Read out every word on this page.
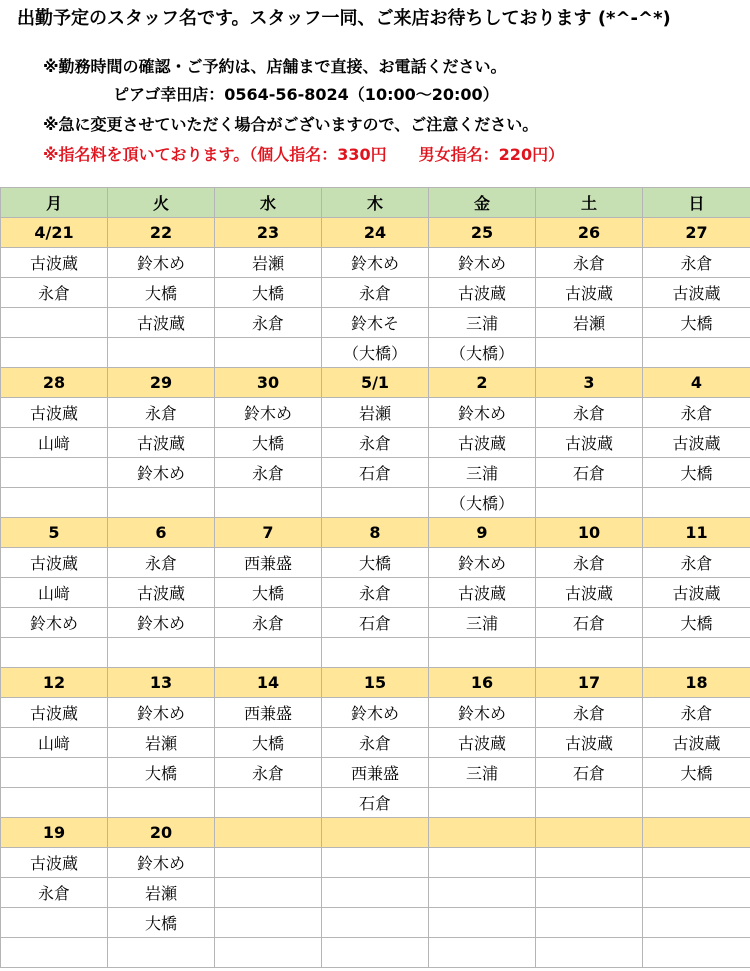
出勤予定のスタッフ名です。スタッフ一同、ご来店お待ちしております (*^-^*)
※勤務時間の確認・ご予約は、店舗まで直接、お電話ください。
ピアゴ幸田店：0564-56-8024（10:00〜20:00）
※急に変更させていただく場合がございますので、ご注意ください。
※指名料を頂いております。（個人指名：330円　　男女指名：220円）
月	火	水	木	金	土	日
4/21	22	23	24	25	26	27
古波蔵	鈴木め	岩瀬	鈴木め	鈴木め	永倉	永倉
永倉	大橋	大橋	永倉	古波蔵	古波蔵	古波蔵
	古波蔵	永倉	鈴木そ	三浦	岩瀬	大橋
			（大橋）	（大橋）		
28	29	30	5/1	2	3	4
古波蔵	永倉	鈴木め	岩瀬	鈴木め	永倉	永倉
山﨑	古波蔵	大橋	永倉	古波蔵	古波蔵	古波蔵
	鈴木め	永倉	石倉	三浦	石倉	大橋
				（大橋）		
5	6	7	8	9	10	11
古波蔵	永倉	西兼盛	大橋	鈴木め	永倉	永倉
山﨑	古波蔵	大橋	永倉	古波蔵	古波蔵	古波蔵
鈴木め	鈴木め	永倉	石倉	三浦	石倉	大橋

12	13	14	15	16	17	18
古波蔵	鈴木め	西兼盛	鈴木め	鈴木め	永倉	永倉
山﨑	岩瀬	大橋	永倉	古波蔵	古波蔵	古波蔵
	大橋	永倉	西兼盛	三浦	石倉	大橋
			石倉			
19	20					
古波蔵	鈴木め					
永倉	岩瀬					
	大橋					
